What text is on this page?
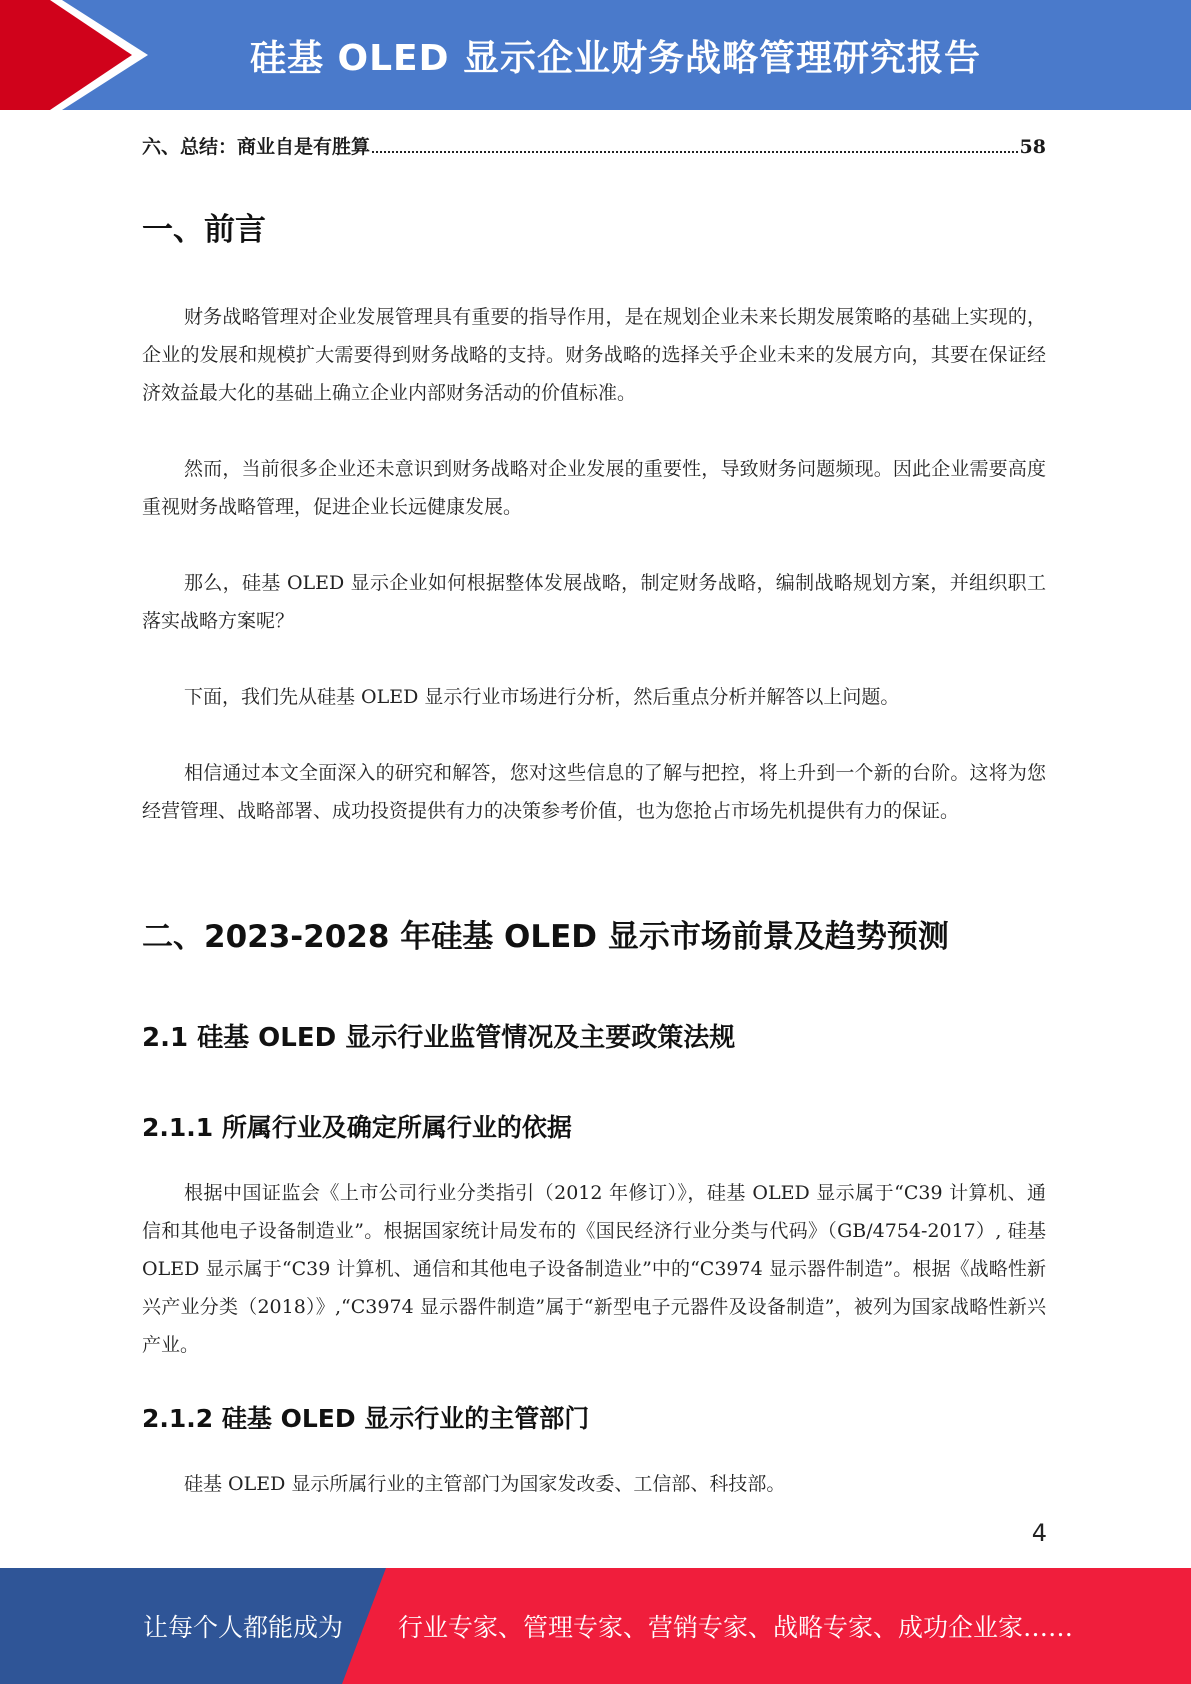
硅基 OLED 显示企业财务战略管理研究报告
六、总结：商业自是有胜算	58
一、前言

财务战略管理对企业发展管理具有重要的指导作用，是在规划企业未来长期发展策略的基础上实现的，企业的发展和规模扩大需要得到财务战略的支持。财务战略的选择关乎企业未来的发展方向，其要在保证经济效益最大化的基础上确立企业内部财务活动的价值标准。

然而，当前很多企业还未意识到财务战略对企业发展的重要性，导致财务问题频现。因此企业需要高度重视财务战略管理，促进企业长远健康发展。

那么，硅基 OLED 显示企业如何根据整体发展战略，制定财务战略，编制战略规划方案，并组织职工落实战略方案呢？

下面，我们先从硅基 OLED 显示行业市场进行分析，然后重点分析并解答以上问题。

相信通过本文全面深入的研究和解答，您对这些信息的了解与把控，将上升到一个新的台阶。这将为您经营管理、战略部署、成功投资提供有力的决策参考价值，也为您抢占市场先机提供有力的保证。

二、2023-2028 年硅基 OLED 显示市场前景及趋势预测
2.1 硅基 OLED 显示行业监管情况及主要政策法规
2.1.1 所属行业及确定所属行业的依据

根据中国证监会《上市公司行业分类指引（2012 年修订）》，硅基 OLED 显示属于“C39 计算机、通信和其他电子设备制造业”。根据国家统计局发布的《国民经济行业分类与代码》（GB/4754-2017）, 硅基 OLED 显示属于“C39 计算机、通信和其他电子设备制造业”中的“C3974 显示器件制造”。根据《战略性新兴产业分类（2018）》,“C3974 显示器件制造”属于“新型电子元器件及设备制造”，被列为国家战略性新兴产业。

2.1.2 硅基 OLED 显示行业的主管部门

硅基 OLED 显示所属行业的主管部门为国家发改委、工信部、科技部。

4
让每个人都能成为 行业专家、管理专家、营销专家、战略专家、成功企业家……
